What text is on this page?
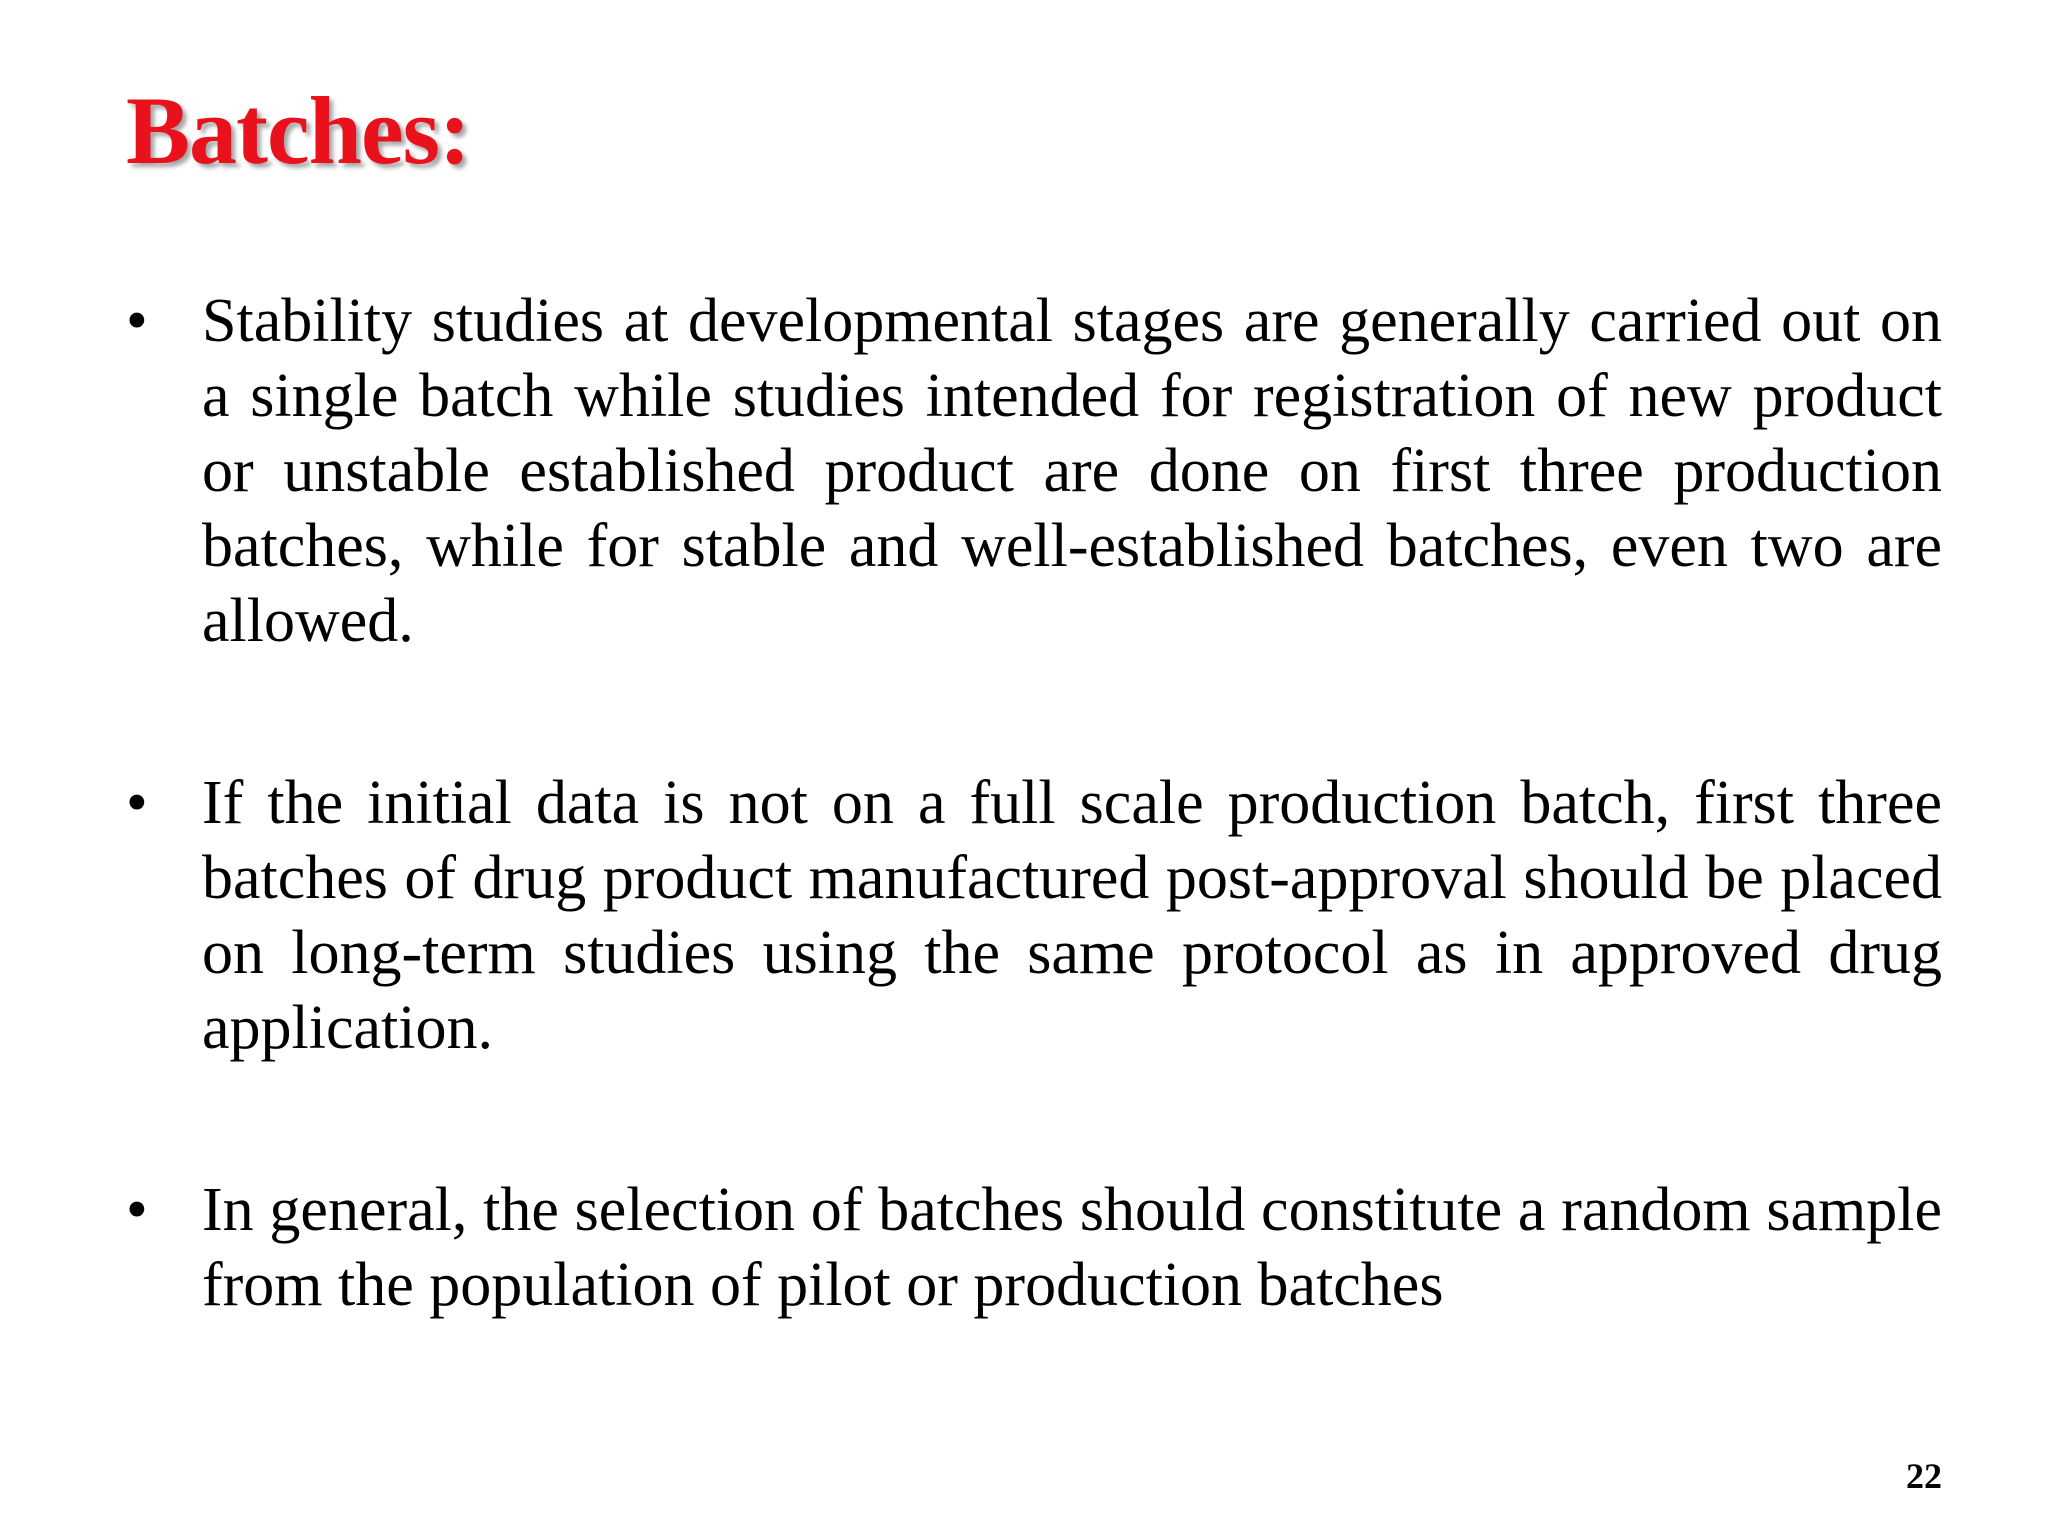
Batches:
• Stability studies at developmental stages are generally carried out on a single batch while studies intended for registration of new product or unstable established product are done on first three production batches, while for stable and well-established batches, even two are allowed.
• If the initial data is not on a full scale production batch, first three batches of drug product manufactured post-approval should be placed on long-term studies using the same protocol as in approved drug application.
• In general, the selection of batches should constitute a random sample from the population of pilot or production batches
22
